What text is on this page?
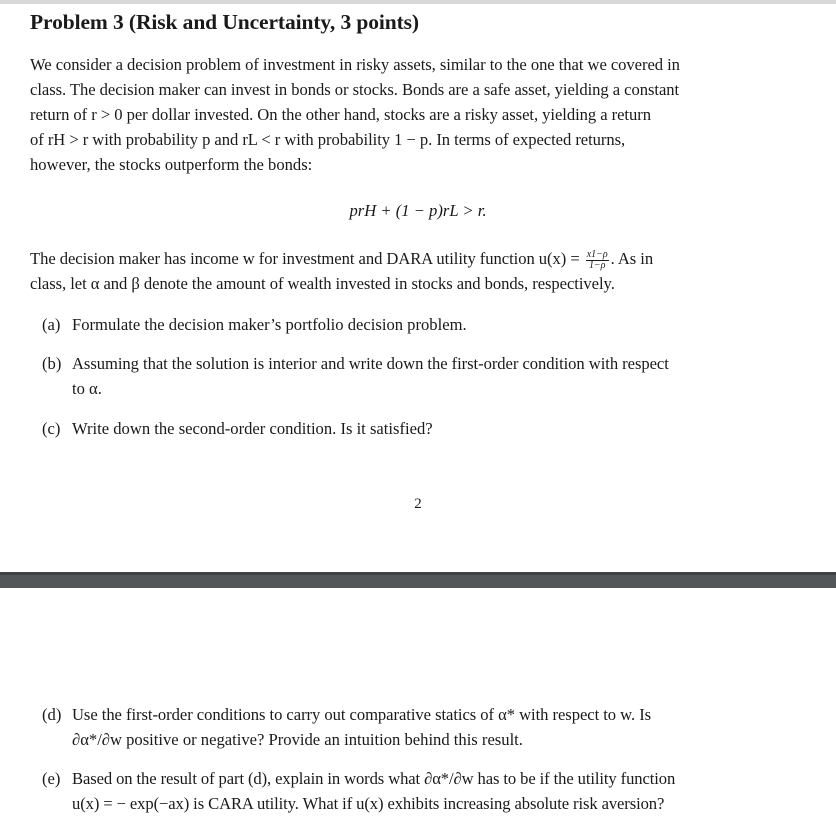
Problem 3 (Risk and Uncertainty, 3 points)

We consider a decision problem of investment in risky assets, similar to the one that we covered in
class. The decision maker can invest in bonds or stocks. Bonds are a safe asset, yielding a constant
return of r > 0 per dollar invested. On the other hand, stocks are a risky asset, yielding a return
of rH > r with probability p and rL < r with probability 1 − p. In terms of expected returns,
however, the stocks outperform the bonds:

prH + (1 − p)rL > r.

The decision maker has income w for investment and DARA utility function $u(x) = \frac{x1-\rho}{1-\rho}$ . As in
class, let α and β denote the amount of wealth invested in stocks and bonds, respectively.

(a) Formulate the decision maker’s portfolio decision problem.
(b) Assuming that the solution is interior and write down the first-order condition with respect
to α.
(c) Write down the second-order condition. Is it satisfied?
2
(d) Use the first-order conditions to carry out comparative statics of α* with respect to w. Is
∂α*/∂w positive or negative? Provide an intuition behind this result.
(e) Based on the result of part (d), explain in words what ∂α*/∂w has to be if the utility function
u(x) = − exp(−ax) is CARA utility. What if u(x) exhibits increasing absolute risk aversion?
